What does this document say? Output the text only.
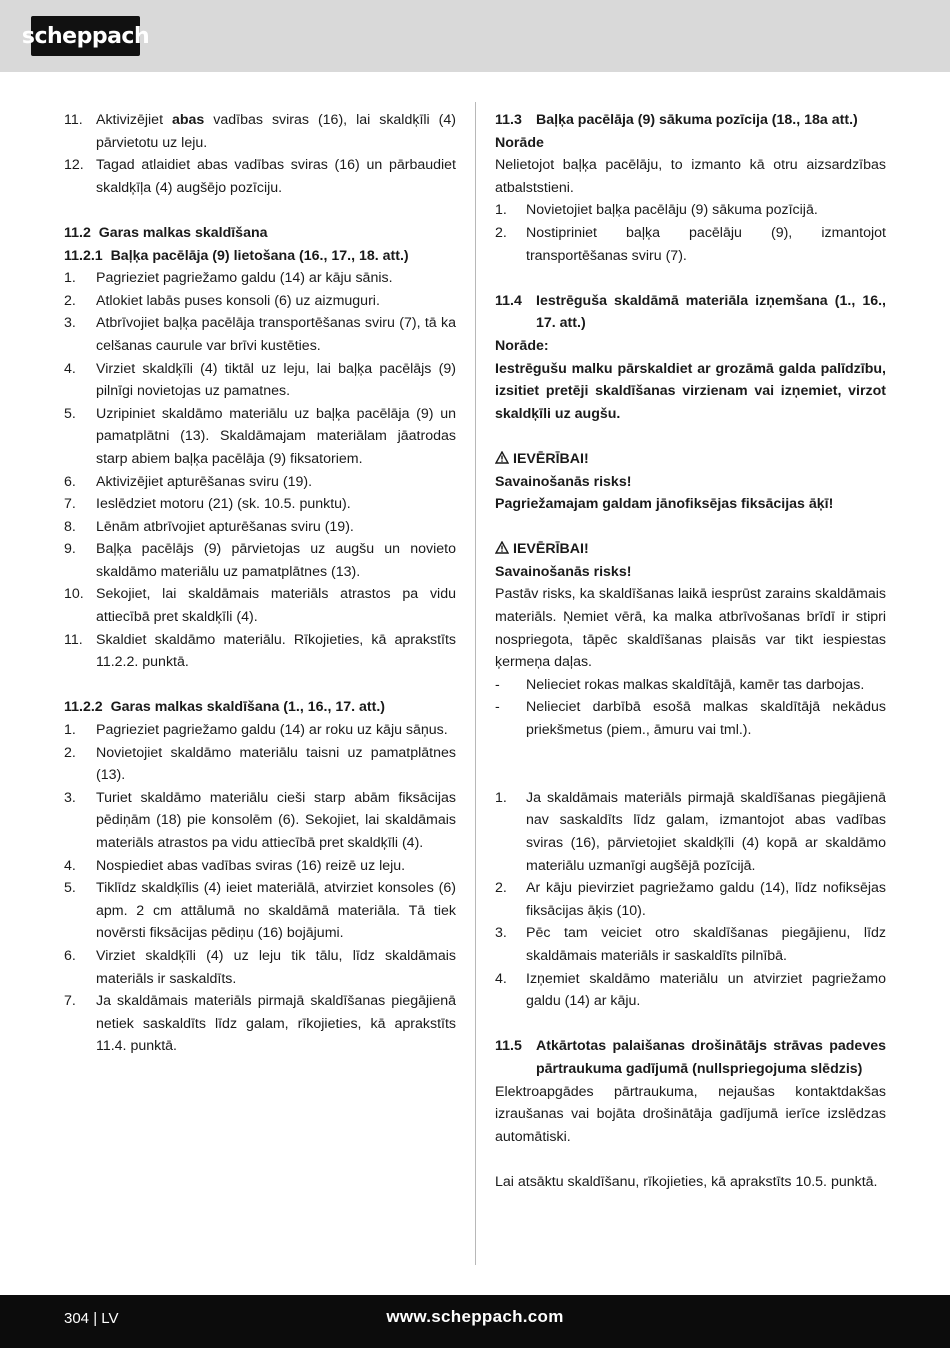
scheppach
11. Aktivizējiet abas vadības sviras (16), lai skaldķīli (4) pārvietotu uz leju.
12. Tagad atlaidiet abas vadības sviras (16) un pārbaudiet skaldķīļa (4) augšējo pozīciju.
11.2 Garas malkas skaldīšana
11.2.1 Baļķa pacēlāja (9) lietošana (16., 17., 18. att.)
1.	Pagrieziet pagriežamo galdu (14) ar kāju sānis.
2.	Atlokiet labās puses konsoli (6) uz aizmuguri.
3.	Atbrīvojiet baļķa pacēlāja transportēšanas sviru (7), tā ka celšanas caurule var brīvi kustēties.
4.	Virziet skaldķīli (4) tiktāl uz leju, lai baļķa pacēlājs (9) pilnīgi novietojas uz pamatnes.
5.	Uzripiniet skaldāmo materiālu uz baļķa pacēlāja (9) un pamatplātni (13). Skaldāmajam materiālam jāatrodas starp abiem baļķa pacēlāja (9) fiksatoriem.
6.	Aktivizējiet apturēšanas sviru (19).
7.	Ieslēdziet motoru (21) (sk. 10.5. punktu).
8.	Lēnām atbrīvojiet apturēšanas sviru (19).
9.	Baļķa pacēlājs (9) pārvietojas uz augšu un novieto skaldāmo materiālu uz pamatplātnes (13).
10. Sekojiet, lai skaldāmais materiāls atrastos pa vidu attiecībā pret skaldķīli (4).
11. Skaldiet skaldāmo materiālu. Rīkojieties, kā aprakstīts 11.2.2. punktā.
11.2.2 Garas malkas skaldīšana (1., 16., 17. att.)
1.	Pagrieziet pagriežamo galdu (14) ar roku uz kāju sāņus.
2.	Novietojiet skaldāmo materiālu taisni uz pamatplātnes (13).
3.	Turiet skaldāmo materiālu cieši starp abām fiksācijas pēdiņām (18) pie konsolēm (6). Sekojiet, lai skaldāmais materiāls atrastos pa vidu attiecībā pret skaldķīli (4).
4.	Nospiediet abas vadības sviras (16) reizē uz leju.
5.	Tiklīdz skaldķīlis (4) ieiet materiālā, atvirziet konsoles (6) apm. 2 cm attālumā no skaldāmā materiāla. Tā tiek novērsti fiksācijas pēdiņu (16) bojājumi.
6.	Virziet skaldķīli (4) uz leju tik tālu, līdz skaldāmais materiāls ir saskaldīts.
7.	Ja skaldāmais materiāls pirmajā skaldīšanas piegājienā netiek saskaldīts līdz galam, rīkojieties, kā aprakstīts 11.4. punktā.
11.3 Baļķa pacēlāja (9) sākuma pozīcija (18., 18a att.)
Norāde
Nelietojot baļķa pacēlāju, to izmanto kā otru aizsardzības atbalststieni.
1.	Novietojiet baļķa pacēlāju (9) sākuma pozīcijā.
2.	Nostipriniet baļķa pacēlāju (9), izmantojot transportēšanas sviru (7).
11.4 Iestrēguša skaldāmā materiāla izņemšana (1., 16., 17. att.)
Norāde:
Iestrēgušu malku pārskaldiet ar grozāmā galda palīdzību, izsitiet pretēji skaldīšanas virzienam vai izņemiet, virzot skaldķīli uz augšu.
IEVĒRĪBAI!
Savainošanās risks!
Pagriežamajam galdam jānofiksējas fiksācijas āķī!
IEVĒRĪBAI!
Savainošanās risks!
Pastāv risks, ka skaldīšanas laikā iesprūst zarains skaldāmais materiāls. Ņemiet vērā, ka malka atbrīvošanas brīdī ir stipri nospriegota, tāpēc skaldīšanas plaisās var tikt iespiestas ķermeņa daļas.
-	Nelieciet rokas malkas skaldītājā, kamēr tas darbojas.
-	Nelieciet darbībā esošā malkas skaldītājā nekādus priekšmetus (piem., āmuru vai tml.).
1.	Ja skaldāmais materiāls pirmajā skaldīšanas piegājienā nav saskaldīts līdz galam, izmantojot abas vadības sviras (16), pārvietojiet skaldķīli (4) kopā ar skaldāmo materiālu uzmanīgi augšējā pozīcijā.
2.	Ar kāju pievirziet pagriežamo galdu (14), līdz nofiksējas fiksācijas āķis (10).
3.	Pēc tam veiciet otro skaldīšanas piegājienu, līdz skaldāmais materiāls ir saskaldīts pilnībā.
4.	Izņemiet skaldāmo materiālu un atvirziet pagriežamo galdu (14) ar kāju.
11.5 Atkārtotas palaišanas drošinātājs strāvas padeves pārtraukuma gadījumā (nullspriegojuma slēdzis)
Elektroapgādes pārtraukuma, nejaušas kontaktdakšas izraušanas vai bojāta drošinātāja gadījumā ierīce izslēdzas automātiski.
Lai atsāktu skaldīšanu, rīkojieties, kā aprakstīts 10.5. punktā.
304 | LV	www.scheppach.com
